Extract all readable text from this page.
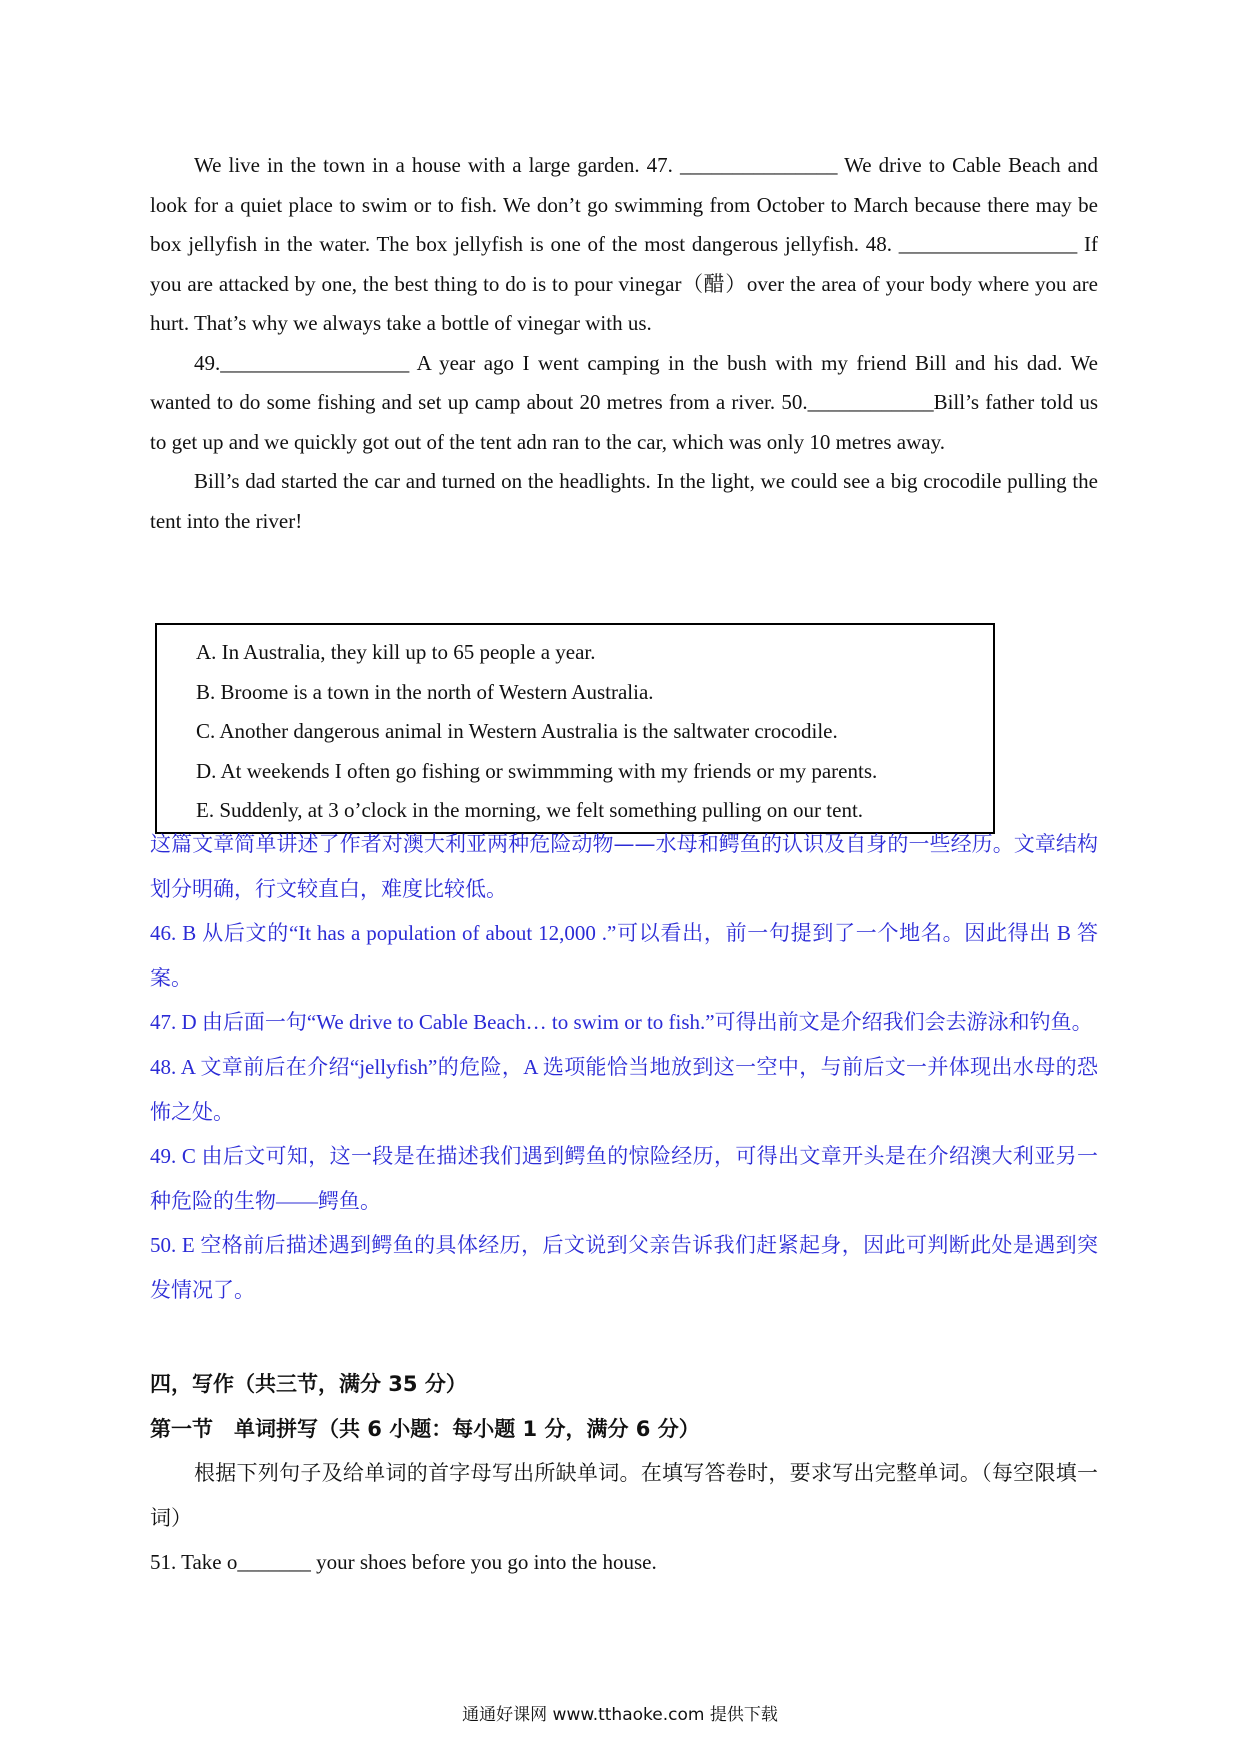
We live in the town in a house with a large garden. 47. _______________ We drive to Cable Beach and look for a quiet place to swim or to fish. We don’t go swimming from October to March because there may be box jellyfish in the water. The box jellyfish is one of the most dangerous jellyfish. 48. _________________ If you are attacked by one, the best thing to do is to pour vinegar（醋）over the area of your body where you are hurt. That’s why we always take a bottle of vinegar with us.

49.__________________ A year ago I went camping in the bush with my friend Bill and his dad. We wanted to do some fishing and set up camp about 20 metres from a river. 50.____________Bill’s father told us to get up and we quickly got out of the tent adn ran to the car, which was only 10 metres away.

Bill’s dad started the car and turned on the headlights. In the light, we could see a big crocodile pulling the tent into the river!

A. In Australia, they kill up to 65 people a year.
B. Broome is a town in the north of Western Australia.
C. Another dangerous animal in Western Australia is the saltwater crocodile.
D. At weekends I often go fishing or swimmming with my friends or my parents.
E. Suddenly, at 3 o’clock in the morning, we felt something pulling on our tent.

这篇文章简单讲述了作者对澳大利亚两种危险动物——水母和鳄鱼的认识及自身的一些经历。文章结构划分明确，行文较直白，难度比较低。

46. B 从后文的“It has a population of about 12,000 .”可以看出，前一句提到了一个地名。因此得出 B 答案。

47. D 由后面一句“We drive to Cable Beach… to swim or to fish.”可得出前文是介绍我们会去游泳和钓鱼。

48. A 文章前后在介绍“jellyfish”的危险，A 选项能恰当地放到这一空中，与前后文一并体现出水母的恐怖之处。

49. C 由后文可知，这一段是在描述我们遇到鳄鱼的惊险经历，可得出文章开头是在介绍澳大利亚另一种危险的生物——鳄鱼。

50. E 空格前后描述遇到鳄鱼的具体经历，后文说到父亲告诉我们赶紧起身，因此可判断此处是遇到突发情况了。

四，写作（共三节，满分 35 分）

第一节　单词拼写（共 6 小题：每小题 1 分，满分 6 分）

根据下列句子及给单词的首字母写出所缺单词。在填写答卷时，要求写出完整单词。（每空限填一词）

51. Take o_______ your shoes before you go into the house.

通通好课网 www.tthaoke.com 提供下载
